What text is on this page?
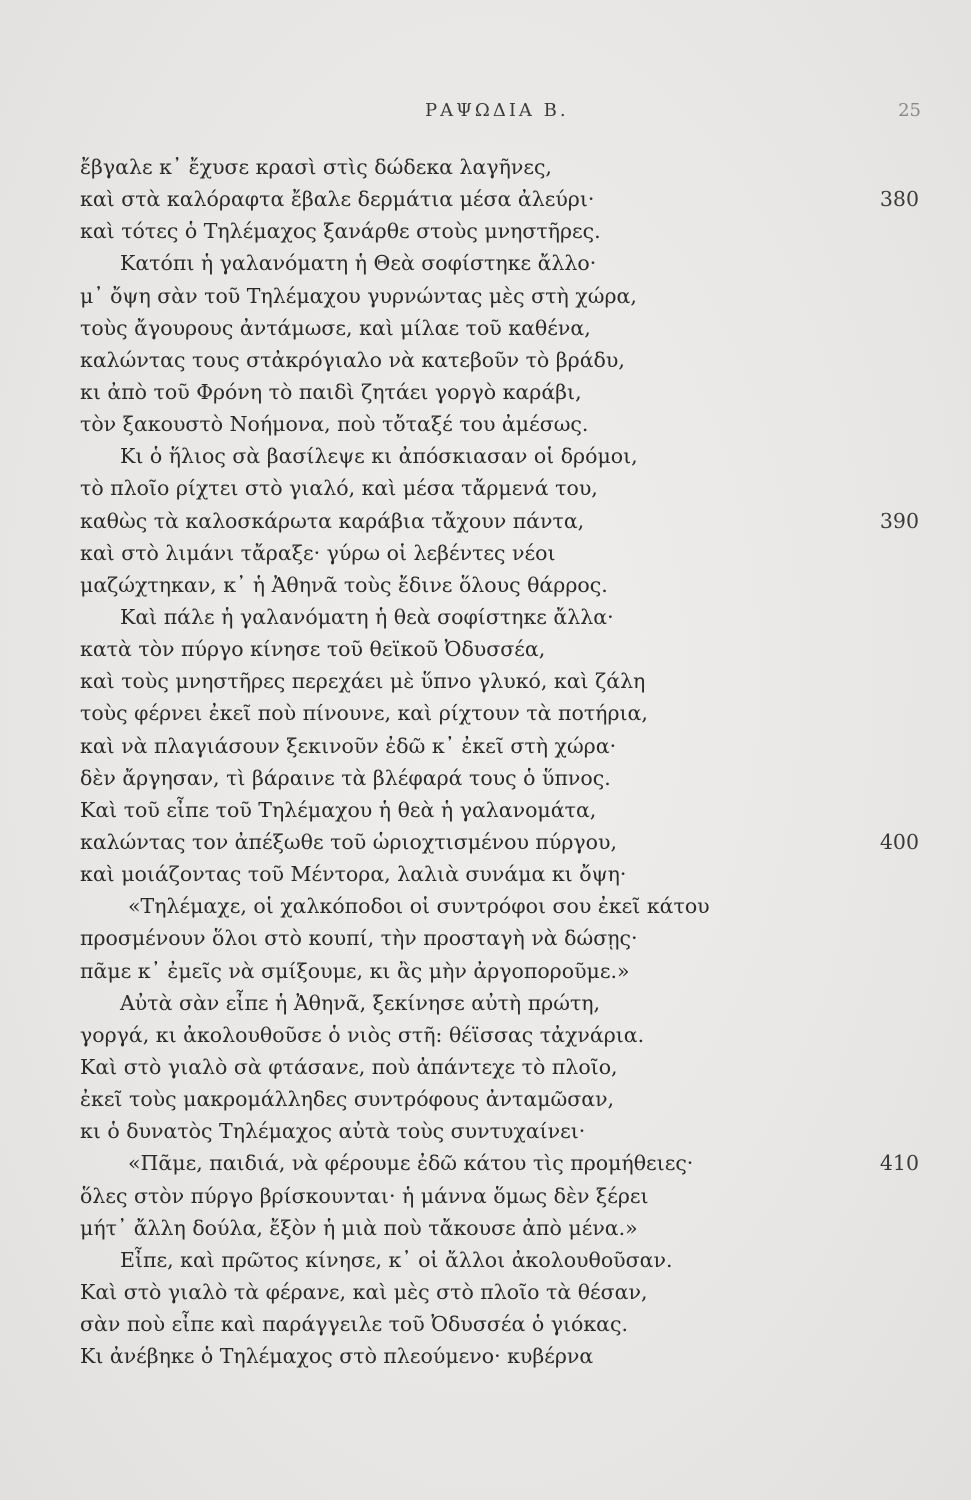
ΡΑΨΩΔΙΑ Β.	25
ἔβγαλε κ᾽ ἔχυσε κρασὶ στὶς δώδεκα λαγῆνες,
καὶ στὰ καλόραφτα ἔβαλε δερμάτια μέσα ἀλεύρι·	380
καὶ τότες ὁ Τηλέμαχος ξανάρθε στοὺς μνηστῆρες.
Κατόπι ἡ γαλανόματη ἡ Θεὰ σοφίστηκε ἄλλο·
μ᾽ ὄψη σὰν τοῦ Τηλέμαχου γυρνώντας μὲς στὴ χώρα,
τοὺς ἄγουρους ἀντάμωσε, καὶ μίλαε τοῦ καθένα,
καλώντας τους στἀκρόγιαλο νὰ κατεβοῦν τὸ βράδυ,
κι ἀπὸ τοῦ Φρόνη τὸ παιδὶ ζητάει γοργὸ καράβι,
τὸν ξακουστὸ Νοήμονα, ποὺ τὄταξέ του ἀμέσως.
Κι ὁ ἥλιος σὰ βασίλεψε κι ἀπόσκιασαν οἱ δρόμοι,
τὸ πλοῖο ρίχτει στὸ γιαλό, καὶ μέσα τἄρμενά του,
καθὼς τὰ καλοσκάρωτα καράβια τἄχουν πάντα,	390
καὶ στὸ λιμάνι τἄραξε· γύρω οἱ λεβέντες νέοι
μαζώχτηκαν, κ᾽ ἡ Ἀθηνᾶ τοὺς ἔδινε ὅλους θάρρος.
Καὶ πάλε ἡ γαλανόματη ἡ θεὰ σοφίστηκε ἄλλα·
κατὰ τὸν πύργο κίνησε τοῦ θεϊκοῦ Ὀδυσσέα,
καὶ τοὺς μνηστῆρες περεχάει μὲ ὕπνο γλυκό, καὶ ζάλη
τοὺς φέρνει ἐκεῖ ποὺ πίνουνε, καὶ ρίχτουν τὰ ποτήρια,
καὶ νὰ πλαγιάσουν ξεκινοῦν ἐδῶ κ᾽ ἐκεῖ στὴ χώρα·
δὲν ἄργησαν, τὶ βάραινε τὰ βλέφαρά τους ὁ ὕπνος.
Καὶ τοῦ εἶπε τοῦ Τηλέμαχου ἡ θεὰ ἡ γαλανομάτα,
καλώντας τον ἀπέξωθε τοῦ ὡριοχτισμένου πύργου,	400
καὶ μοιάζοντας τοῦ Μέντορα, λαλιὰ συνάμα κι ὄψη·
«Τηλέμαχε, οἱ χαλκόποδοι οἱ συντρόφοι σου ἐκεῖ κάτου
προσμένουν ὅλοι στὸ κουπί, τὴν προσταγὴ νὰ δώσῃς·
πᾶμε κ᾽ ἐμεῖς νὰ σμίξουμε, κι ἂς μὴν ἀργοποροῦμε.»
Αὐτὰ σὰν εἶπε ἡ Ἀθηνᾶ, ξεκίνησε αὐτὴ πρώτη,
γοργά, κι ἀκολουθοῦσε ὁ νιὸς στῆ: θέϊσσας τἀχνάρια.
Καὶ στὸ γιαλὸ σὰ φτάσανε, ποὺ ἀπάντεχε τὸ πλοῖο,
ἐκεῖ τοὺς μακρομάλληδες συντρόφους ἀνταμῶσαν,
κι ὁ δυνατὸς Τηλέμαχος αὐτὰ τοὺς συντυχαίνει·
«Πᾶμε, παιδιά, νὰ φέρουμε ἐδῶ κάτου τὶς προμήθειες·	410
ὅλες στὸν πύργο βρίσκουνται· ἡ μάννα ὅμως δὲν ξέρει
μήτ᾽ ἄλλη δούλα, ἔξὸν ἡ μιὰ ποὺ τἄκουσε ἀπὸ μένα.»
Εἶπε, καὶ πρῶτος κίνησε, κ᾽ οἱ ἄλλοι ἀκολουθοῦσαν.
Καὶ στὸ γιαλὸ τὰ φέρανε, καὶ μὲς στὸ πλοῖο τὰ θέσαν,
σὰν ποὺ εἶπε καὶ παράγγειλε τοῦ Ὀδυσσέα ὁ γιόκας.
Κι ἀνέβηκε ὁ Τηλέμαχος στὸ πλεούμενο· κυβέρνα
